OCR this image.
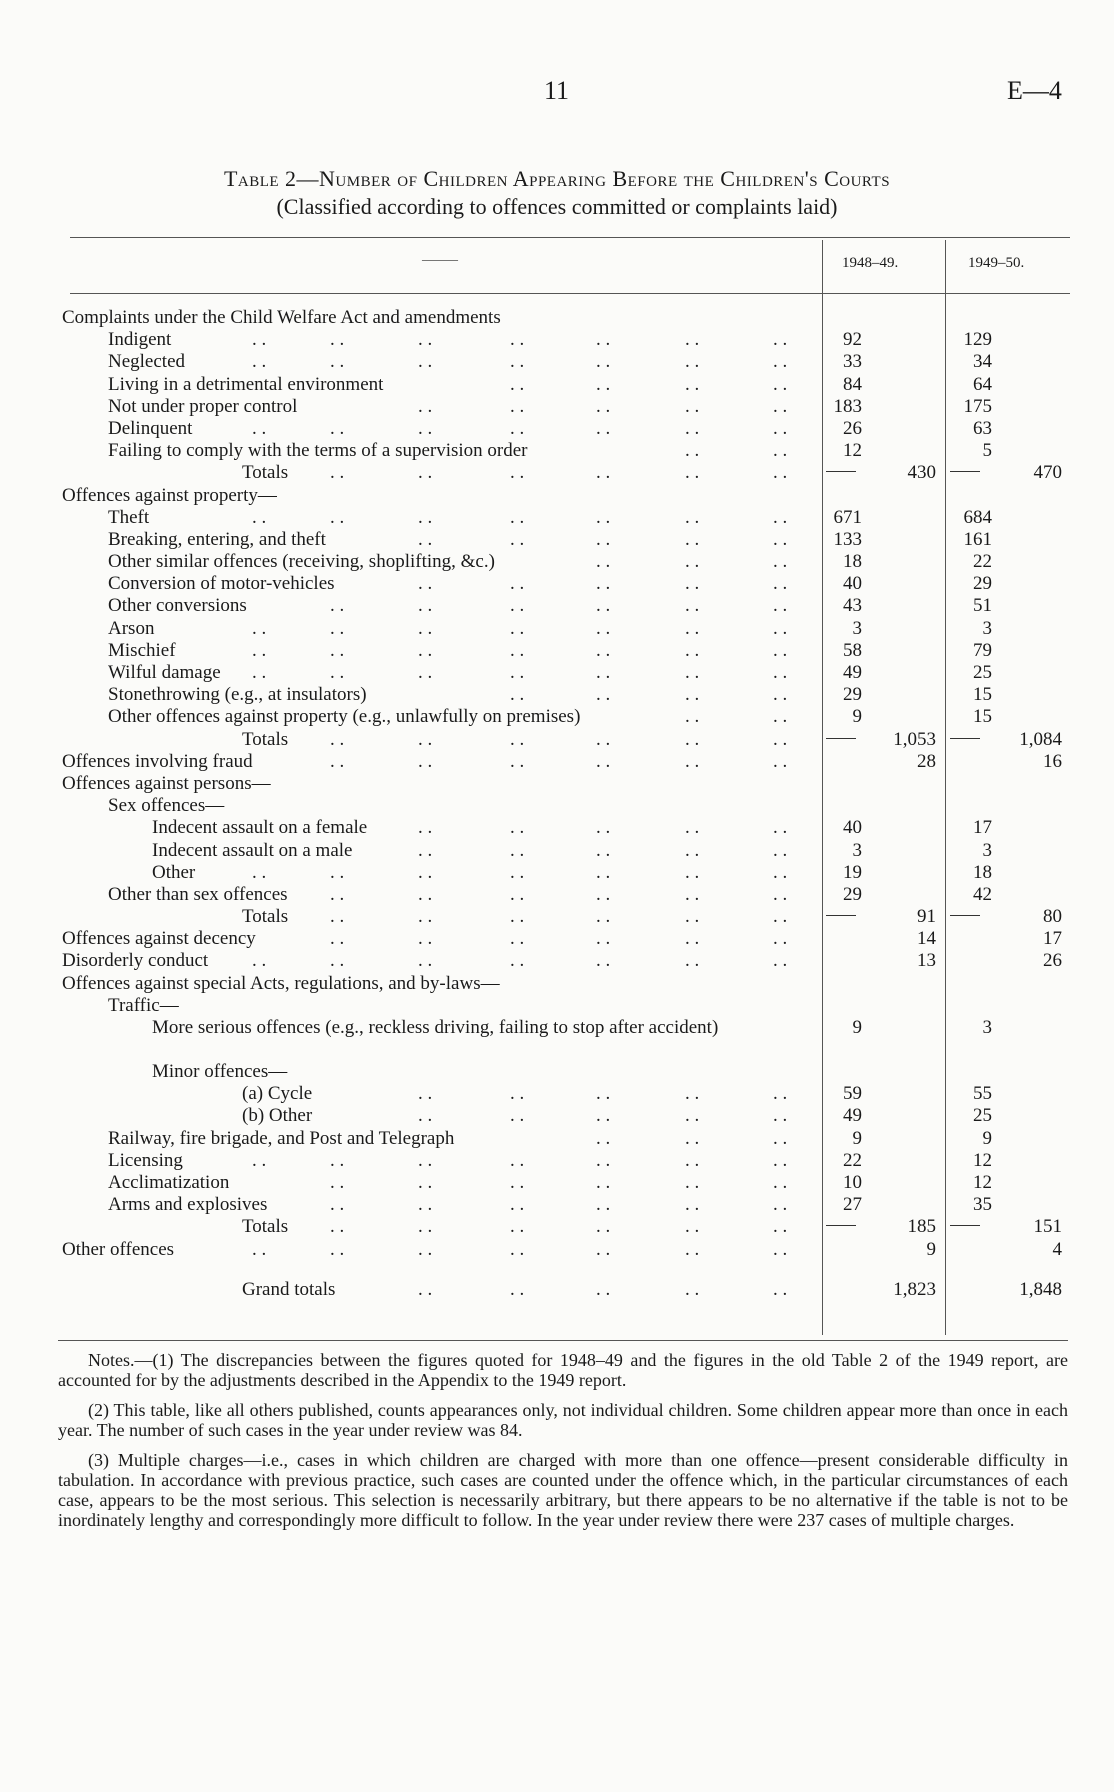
11	E—4
Table 2—Number of Children Appearing Before the Children's Courts
(Classified according to offences committed or complaints laid)
———	1948–49.	1949–50.
Complaints under the Child Welfare Act and amendments
Indigent	. .	. .	. .	. .	. .	. .	. .	92	129
Neglected	. .	. .	. .	. .	. .	. .	. .	33	34
Living in a detrimental environment	. .	. .	. .	. .	84	64
Not under proper control	. .	. .	. .	. .	. .	183	175
Delinquent	. .	. .	. .	. .	. .	. .	. .	26	63
Failing to comply with the terms of a supervision order	. .	. .	12	5
Totals . .	. .	. .	. .	. .	. .	430	470
Offences against property—
Theft	. .	. .	. .	. .	. .	. .	. .	671	684
Breaking, entering, and theft	. .	. .	. .	. .	. .	133	161
Other similar offences (receiving, shoplifting, &c.)	. .	. .	. .	18	22
Conversion of motor-vehicles	. .	. .	. .	. .	. .	40	29
Other conversions	. .	. .	. .	. .	. .	. .	43	51
Arson	. .	. .	. .	. .	. .	. .	. .	3	3
Mischief	. .	. .	. .	. .	. .	. .	. .	58	79
Wilful damage . .	. .	. .	. .	. .	. .	. .	49	25
Stonethrowing (e.g., at insulators)	. .	. .	. .	. .	29	15
Other offences against property (e.g., unlawfully on premises)	. .	. .	9	15
Totals . .	. .	. .	. .	. .	. .	1,053	1,084
Offences involving fraud	. .	. .	. .	. .	. .	. .	28	16
Offences against persons—
Sex offences—
Indecent assault on a female	. .	. .	. .	. .	. .	40	17
Indecent assault on a male	. .	. .	. .	. .	. .	3	3
Other	. .	. .	. .	. .	. .	. .	. .	19	18
Other than sex offences . .	. .	. .	. .	. .	. .	29	42
Totals . .	. .	. .	. .	. .	. .	91	80
Offences against decency	. .	. .	. .	. .	. .	. .	14	17
Disorderly conduct . .	. .	. .	. .	. .	. .	. .	13	26
Offences against special Acts, regulations, and by-laws—
Traffic—
More serious offences (e.g., reckless driving, failing to stop after accident)	9	3
Minor offences—
(a) Cycle	. .	. .	. .	. .	. .	59	55
(b) Other	. .	. .	. .	. .	. .	49	25
Railway, fire brigade, and Post and Telegraph	. .	. .	. .	9	9
Licensing	. .	. .	. .	. .	. .	. .	. .	22	12
Acclimatization	. .	. .	. .	. .	. .	. .	10	12
Arms and explosives	. .	. .	. .	. .	. .	. .	27	35
Totals . .	. .	. .	. .	. .	. .	185	151
Other offences	. .	. .	. .	. .	. .	. .	. .	9	4
Grand totals	. .	. .	. .	. .	. .	1,823	1,848

Notes.—(1) The discrepancies between the figures quoted for 1948–49 and the figures in the old Table 2 of the 1949 report, are accounted for by the adjustments described in the Appendix to the 1949 report.

(2) This table, like all others published, counts appearances only, not individual children. Some children appear more than once in each year. The number of such cases in the year under review was 84.

(3) Multiple charges—i.e., cases in which children are charged with more than one offence—present considerable difficulty in tabulation. In accordance with previous practice, such cases are counted under the offence which, in the particular circumstances of each case, appears to be the most serious. This selection is necessarily arbitrary, but there appears to be no alternative if the table is not to be inordinately lengthy and correspondingly more difficult to follow. In the year under review there were 237 cases of multiple charges.
